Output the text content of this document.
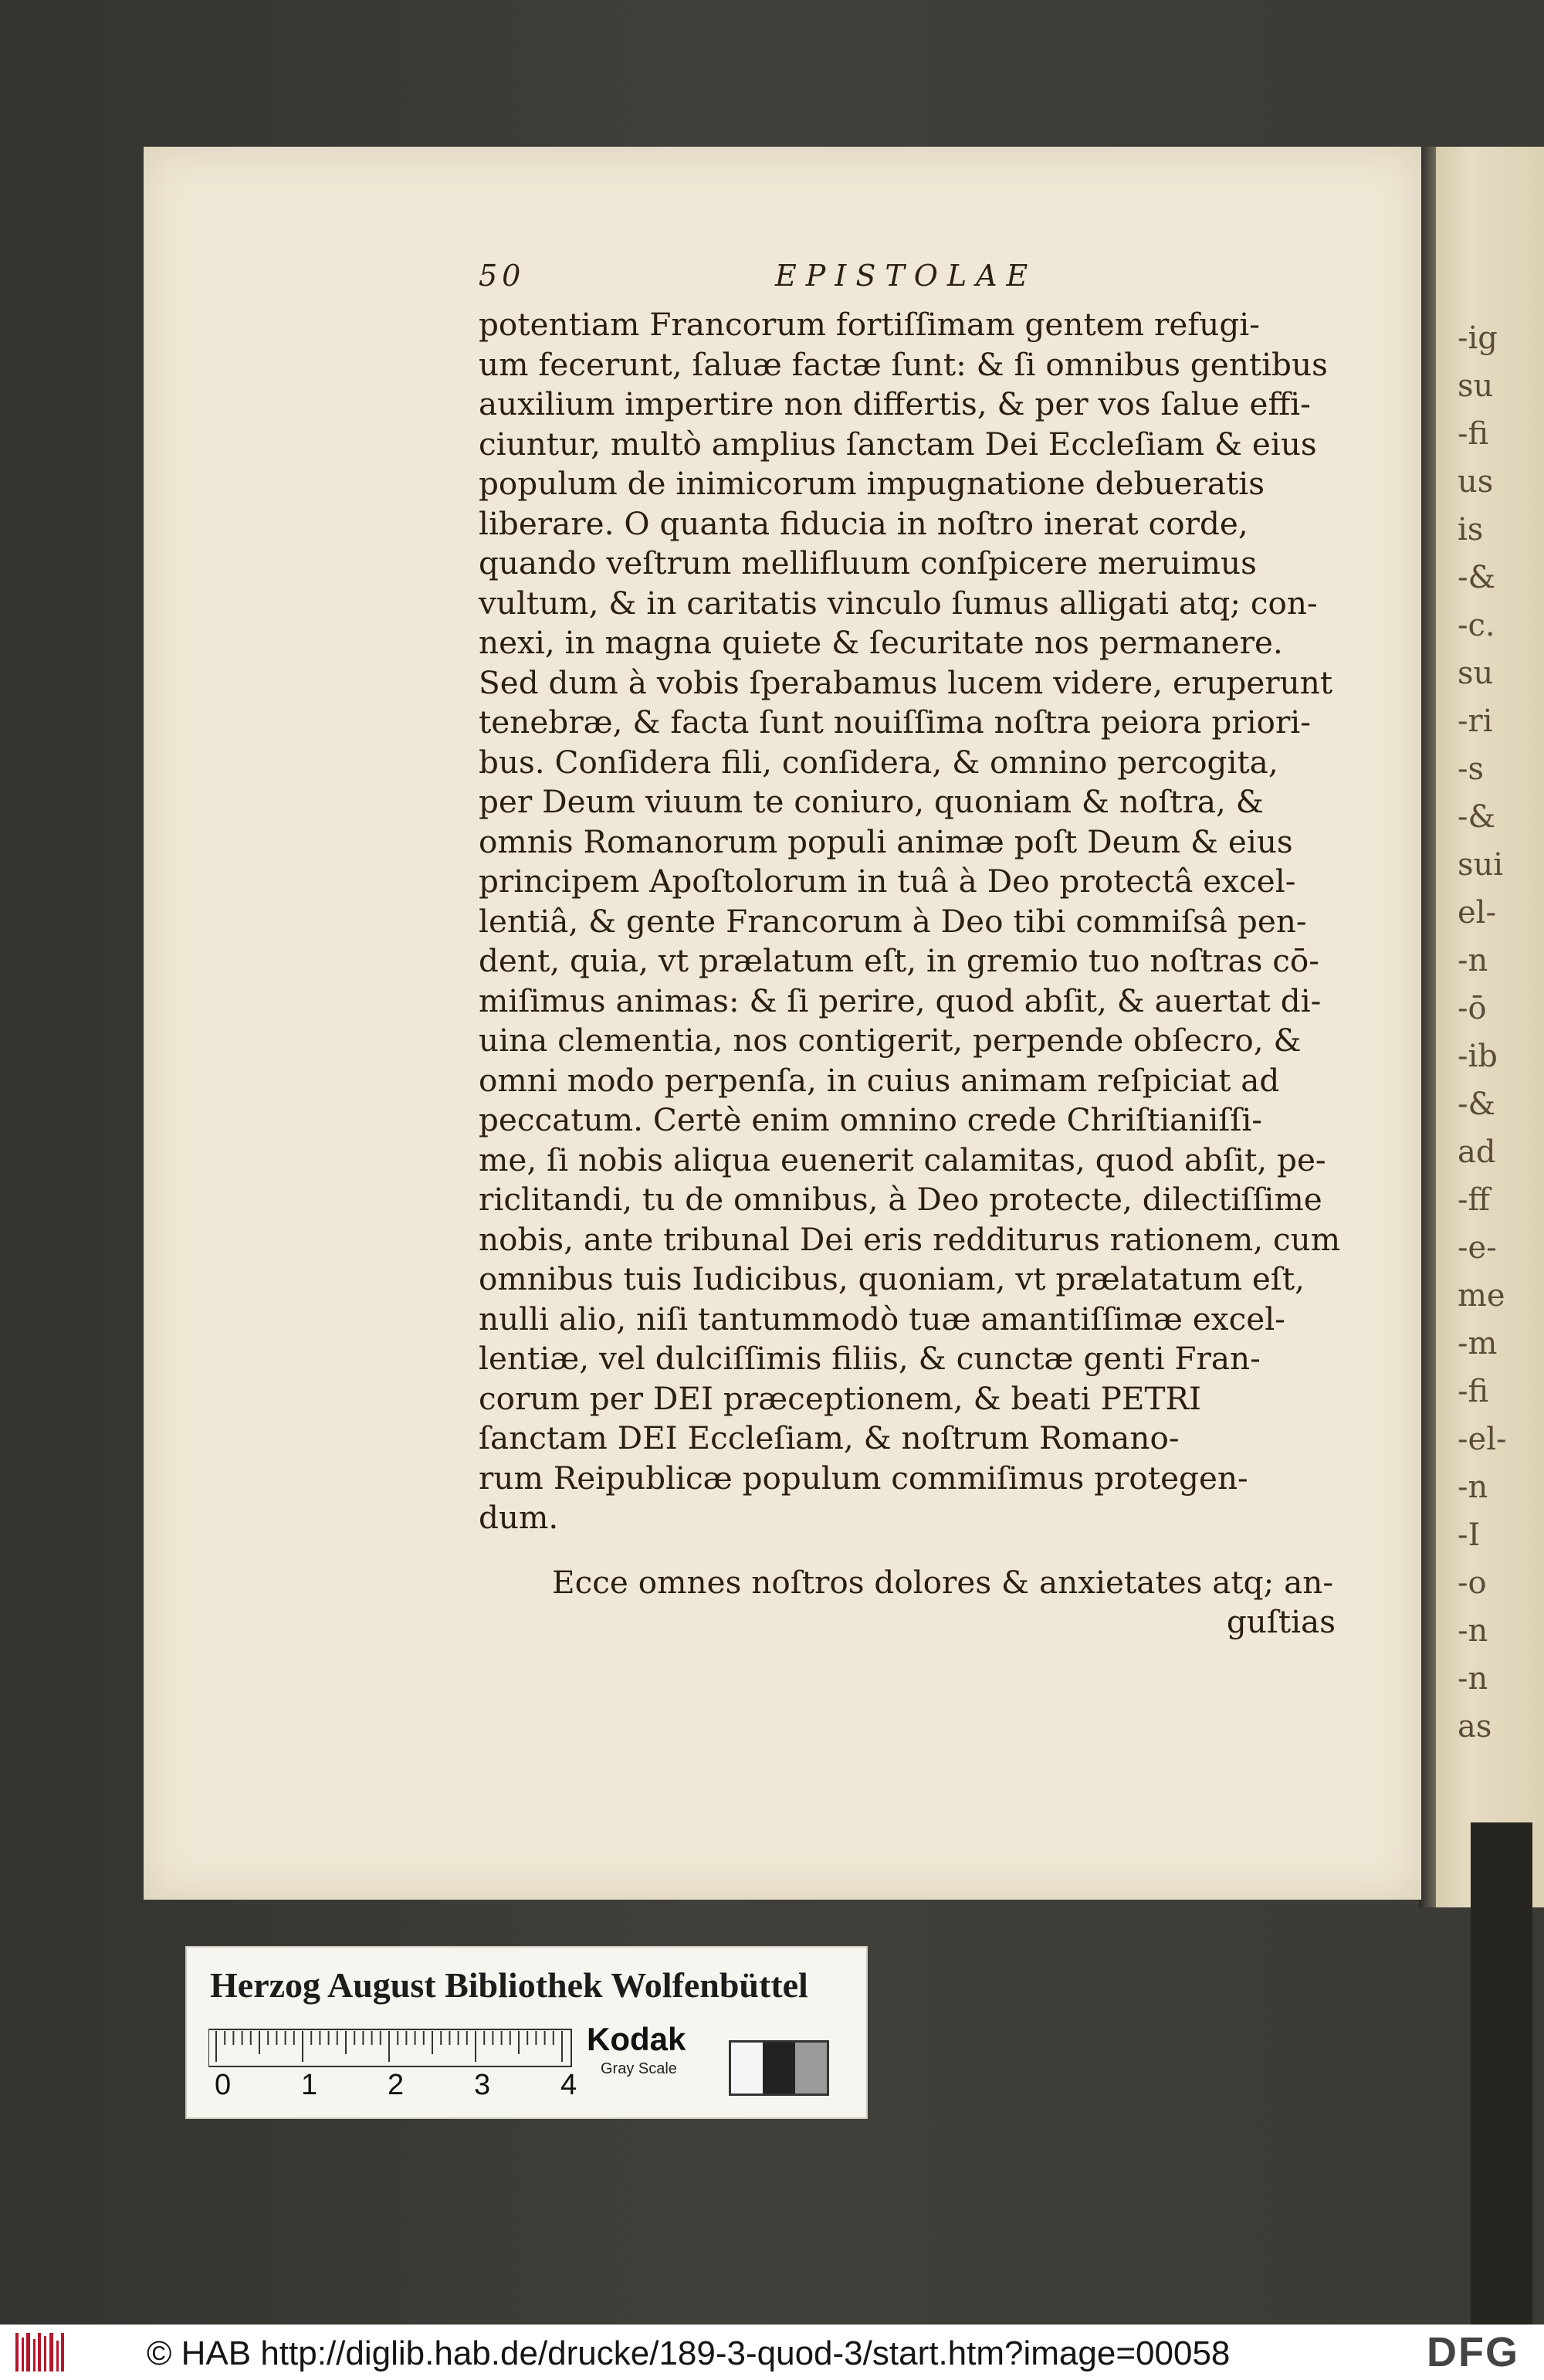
-ig
su
-fi
us
is
-&
-c.
su
-ri
-s
-&
sui
el-
-n
-ō
-ib
-&
ad
-ff
-e-
me
-m
-fi
-el-
-n
-I
-o
-n
-n
as
50	EPISTOLAE
potentiam Francorum fortiſſimam gentem refugi-
um fecerunt, ſaluæ factæ ſunt: & ſi omnibus gentibus
auxilium impertire non differtis, & per vos ſalue effi-
ciuntur, multò amplius ſanctam Dei Eccleſiam & eius
populum de inimicorum impugnatione debueratis
liberare. O quanta fiducia in noſtro inerat corde,
quando veſtrum mellifluum conſpicere meruimus
vultum, & in caritatis vinculo ſumus alligati atq; con-
nexi, in magna quiete & ſecuritate nos permanere.
Sed dum à vobis ſperabamus lucem videre, eruperunt
tenebræ, & facta ſunt nouiſſima noſtra peiora priori-
bus. Conſidera fili, conſidera, & omnino percogita,
per Deum viuum te coniuro, quoniam & noſtra, &
omnis Romanorum populi animæ poſt Deum & eius
principem Apoſtolorum in tuâ à Deo protectâ excel-
lentiâ, & gente Francorum à Deo tibi commiſsâ pen-
dent, quia, vt prælatum eſt, in gremio tuo noſtras cō-
miſimus animas: & ſi perire, quod abſit, & auertat di-
uina clementia, nos contigerit, perpende obſecro, &
omni modo perpenſa, in cuius animam reſpiciat ad
peccatum. Certè enim omnino crede Chriſtianiſſi-
me, ſi nobis aliqua euenerit calamitas, quod abſit, pe-
riclitandi, tu de omnibus, à Deo protecte, dilectiſſime
nobis, ante tribunal Dei eris redditurus rationem, cum
omnibus tuis Iudicibus, quoniam, vt prælatatum eſt,
nulli alio, niſi tantummodò tuæ amantiſſimæ excel-
lentiæ, vel dulciſſimis filiis, & cunctæ genti Fran-
corum per DEI præceptionem, & beati PETRI
ſanctam DEI Eccleſiam, & noſtrum Romano-
rum Reipublicæ populum commiſimus protegen-
dum.
Ecce omnes noſtros dolores & anxietates atq; an-
guſtias
Herzog August Bibliothek Wolfenbüttel
0 1 2 3 4
Kodak
Gray Scale
© HAB http://diglib.hab.de/drucke/189-3-quod-3/start.htm?image=00058	DFG
